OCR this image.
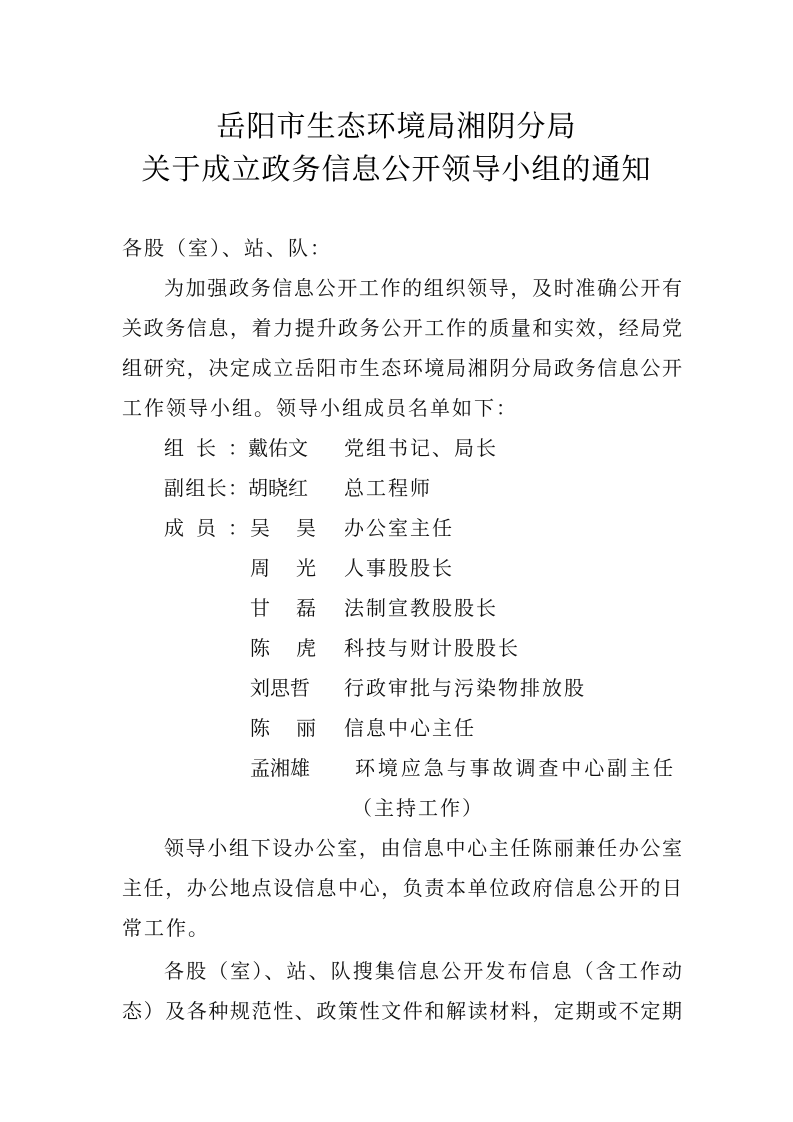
岳阳市生态环境局湘阴分局
关于成立政务信息公开领导小组的通知
各股（室）、站、队：
为加强政务信息公开工作的组织领导，及时准确公开有
关政务信息，着力提升政务公开工作的质量和实效，经局党
组研究，决定成立岳阳市生态环境局湘阴分局政务信息公开
工作领导小组。领导小组成员名单如下：
组长： 戴佑文 党组书记、局长
副组长： 胡晓红 总工程师
成员： 吴昊 办公室主任
周光 人事股股长
甘磊 法制宣教股股长
陈虎 科技与财计股股长
刘思哲 行政审批与污染物排放股
陈丽 信息中心主任
孟湘雄 环境应急与事故调查中心副主任
（主持工作）
领导小组下设办公室，由信息中心主任陈丽兼任办公室
主任，办公地点设信息中心，负责本单位政府信息公开的日
常工作。
各股（室）、站、队搜集信息公开发布信息（含工作动
态）及各种规范性、政策性文件和解读材料，定期或不定期
